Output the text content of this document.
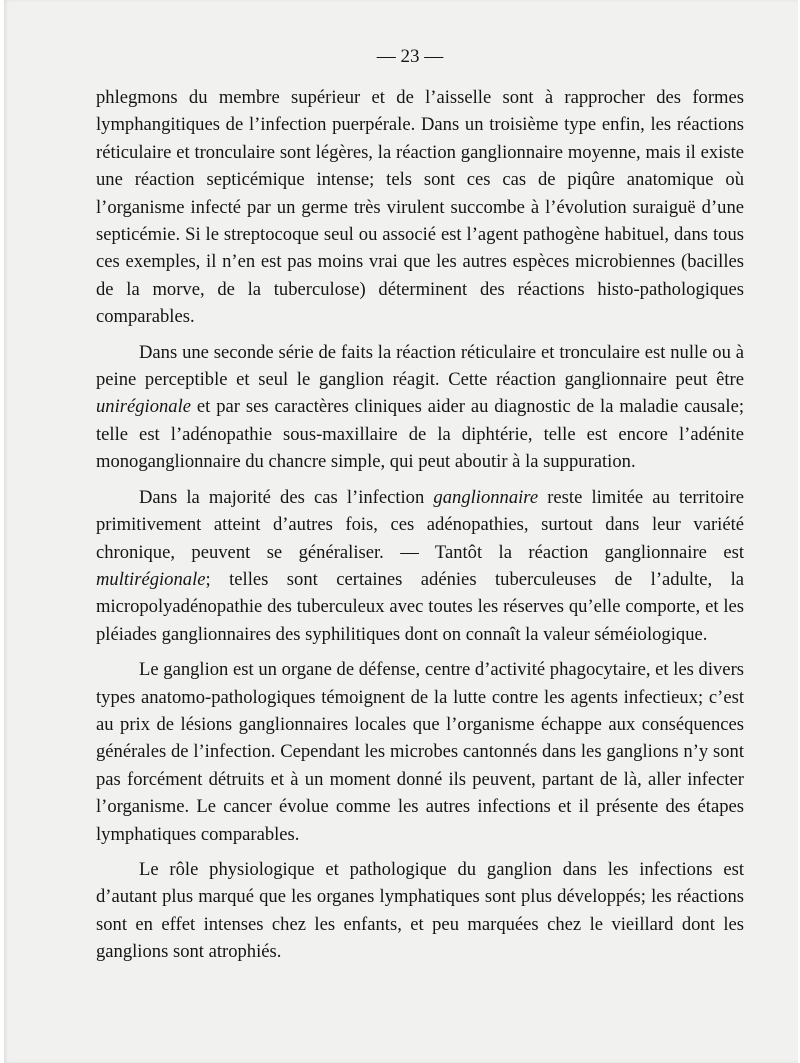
— 23 —

phlegmons du membre supérieur et de l’aisselle sont à rapprocher des formes lymphangitiques de l’infection puerpérale. Dans un troisième type enfin, les réactions réticulaire et tronculaire sont légères, la réaction ganglionnaire moyenne, mais il existe une réaction septicémique intense; tels sont ces cas de piqûre anatomique où l’organisme infecté par un germe très virulent succombe à l’évolution suraiguë d’une septicémie. Si le streptocoque seul ou associé est l’agent pathogène habituel, dans tous ces exemples, il n’en est pas moins vrai que les autres espèces microbiennes (bacilles de la morve, de la tuberculose) déterminent des réactions histo-pathologiques comparables.

Dans une seconde série de faits la réaction réticulaire et tronculaire est nulle ou à peine perceptible et seul le ganglion réagit. Cette réaction ganglionnaire peut être unirégionale et par ses caractères cliniques aider au diagnostic de la maladie causale; telle est l’adénopathie sous-maxillaire de la diphtérie, telle est encore l’adénite monoganglionnaire du chancre simple, qui peut aboutir à la suppuration.

Dans la majorité des cas l’infection ganglionnaire reste limitée au territoire primitivement atteint d’autres fois, ces adénopathies, surtout dans leur variété chronique, peuvent se généraliser. — Tantôt la réaction ganglionnaire est multirégionale; telles sont certaines adénies tuberculeuses de l’adulte, la micropolyadénopathie des tuberculeux avec toutes les réserves qu’elle comporte, et les pléiades ganglionnaires des syphilitiques dont on connaît la valeur séméiologique.

Le ganglion est un organe de défense, centre d’activité phagocytaire, et les divers types anatomo-pathologiques témoignent de la lutte contre les agents infectieux; c’est au prix de lésions ganglionnaires locales que l’organisme échappe aux conséquences générales de l’infection. Cependant les microbes cantonnés dans les ganglions n’y sont pas forcément détruits et à un moment donné ils peuvent, partant de là, aller infecter l’organisme. Le cancer évolue comme les autres infections et il présente des étapes lymphatiques comparables.

Le rôle physiologique et pathologique du ganglion dans les infections est d’autant plus marqué que les organes lymphatiques sont plus développés; les réactions sont en effet intenses chez les enfants, et peu marquées chez le vieillard dont les ganglions sont atrophiés.
